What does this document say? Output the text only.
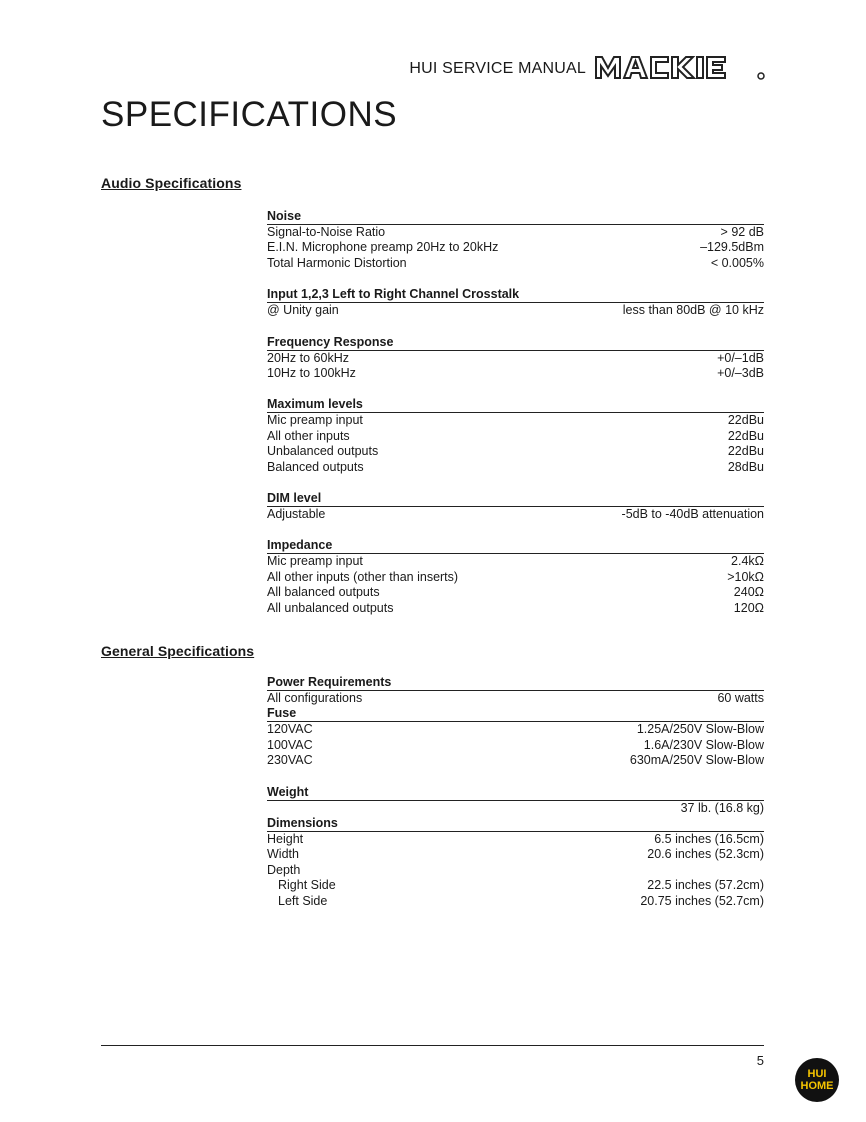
HUI SERVICE MANUAL
SPECIFICATIONS
Audio Specifications
Noise
Signal-to-Noise Ratio	> 92 dB
E.I.N. Microphone preamp 20Hz to 20kHz	–129.5dBm
Total Harmonic Distortion	< 0.005%
Input 1,2,3 Left to Right Channel Crosstalk
@ Unity gain	less than 80dB @ 10 kHz
Frequency Response
20Hz to 60kHz	+0/–1dB
10Hz to 100kHz	+0/–3dB
Maximum levels
Mic preamp input	22dBu
All other inputs	22dBu
Unbalanced outputs	22dBu
Balanced outputs	28dBu
DIM level
Adjustable	-5dB to -40dB attenuation
Impedance
Mic preamp input	2.4kΩ
All other inputs (other than inserts)	>10kΩ
All balanced outputs	240Ω
All unbalanced outputs	120Ω
General Specifications
Power Requirements
All configurations	60 watts
Fuse
120VAC	1.25A/250V Slow-Blow
100VAC	1.6A/230V Slow-Blow
230VAC	630mA/250V Slow-Blow
Weight
37 lb. (16.8 kg)
Dimensions
Height	6.5 inches (16.5cm)
Width	20.6 inches (52.3cm)
Depth
Right Side	22.5 inches (57.2cm)
Left Side	20.75 inches (52.7cm)
5
HUI
HOME
